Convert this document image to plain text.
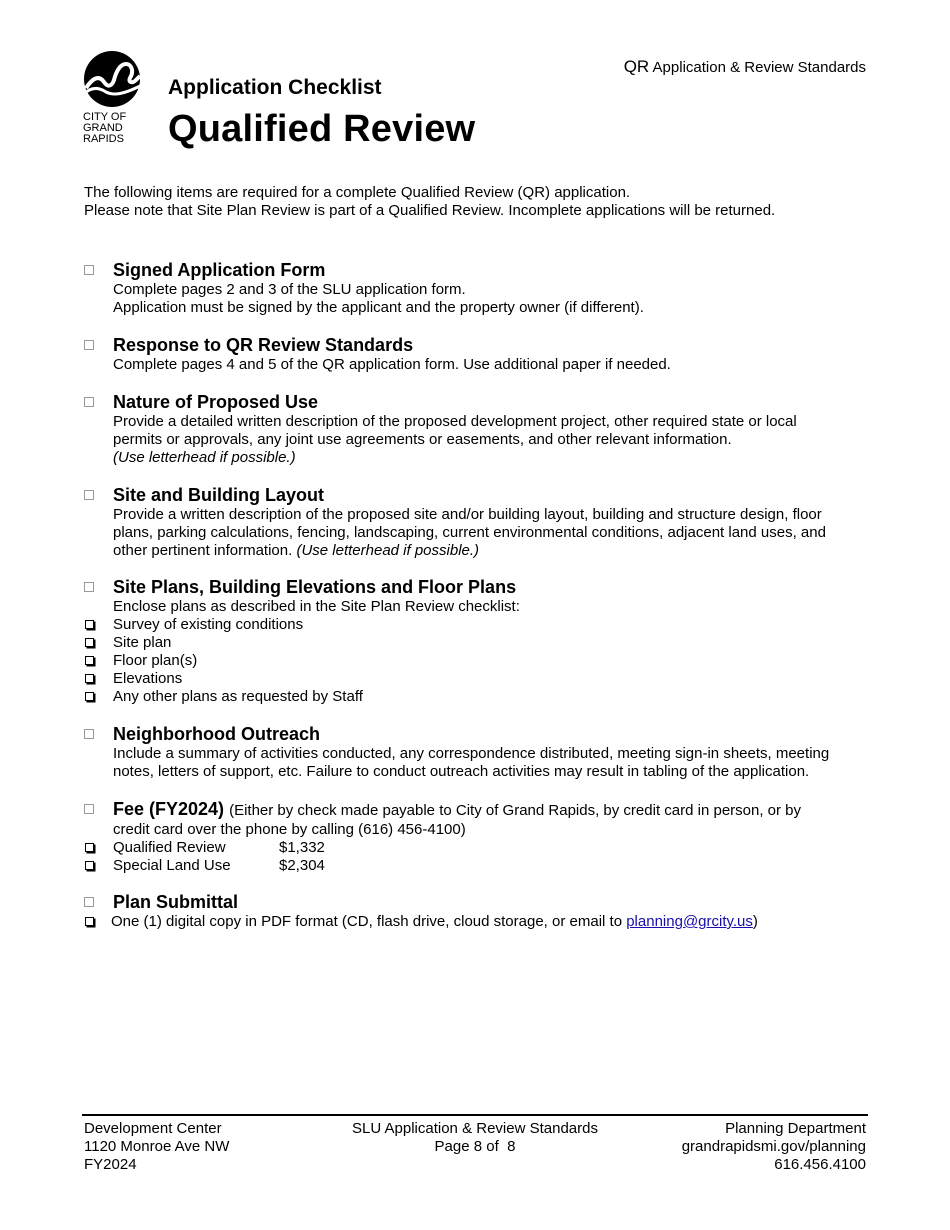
CITY OF
GRAND
RAPIDS
QR Application & Review Standards
Application Checklist
Qualified Review
The following items are required for a complete Qualified Review (QR) application.
Please note that Site Plan Review is part of a Qualified Review. Incomplete applications will be returned.
Signed Application Form
Complete pages 2 and 3 of the SLU application form.
Application must be signed by the applicant and the property owner (if different).
Response to QR Review Standards
Complete pages 4 and 5 of the QR application form. Use additional paper if needed.
Nature of Proposed Use
Provide a detailed written description of the proposed development project, other required state or local
permits or approvals, any joint use agreements or easements, and other relevant information.
(Use letterhead if possible.)
Site and Building Layout
Provide a written description of the proposed site and/or building layout, building and structure design, floor
plans, parking calculations, fencing, landscaping, current environmental conditions, adjacent land uses, and
other pertinent information. (Use letterhead if possible.)
Site Plans, Building Elevations and Floor Plans
Enclose plans as described in the Site Plan Review checklist:
Survey of existing conditions
Site plan
Floor plan(s)
Elevations
Any other plans as requested by Staff
Neighborhood Outreach
Include a summary of activities conducted, any correspondence distributed, meeting sign-in sheets, meeting
notes, letters of support, etc. Failure to conduct outreach activities may result in tabling of the application.
Fee (FY2024) (Either by check made payable to City of Grand Rapids, by credit card in person, or by
credit card over the phone by calling (616) 456-4100)
Qualified Review	$1,332
Special Land Use	$2,304
Plan Submittal
One (1) digital copy in PDF format (CD, flash drive, cloud storage, or email to planning@grcity.us)
Development Center
1120 Monroe Ave NW
FY2024
SLU Application & Review Standards
Page 8 of  8
Planning Department
grandrapidsmi.gov/planning
616.456.4100
